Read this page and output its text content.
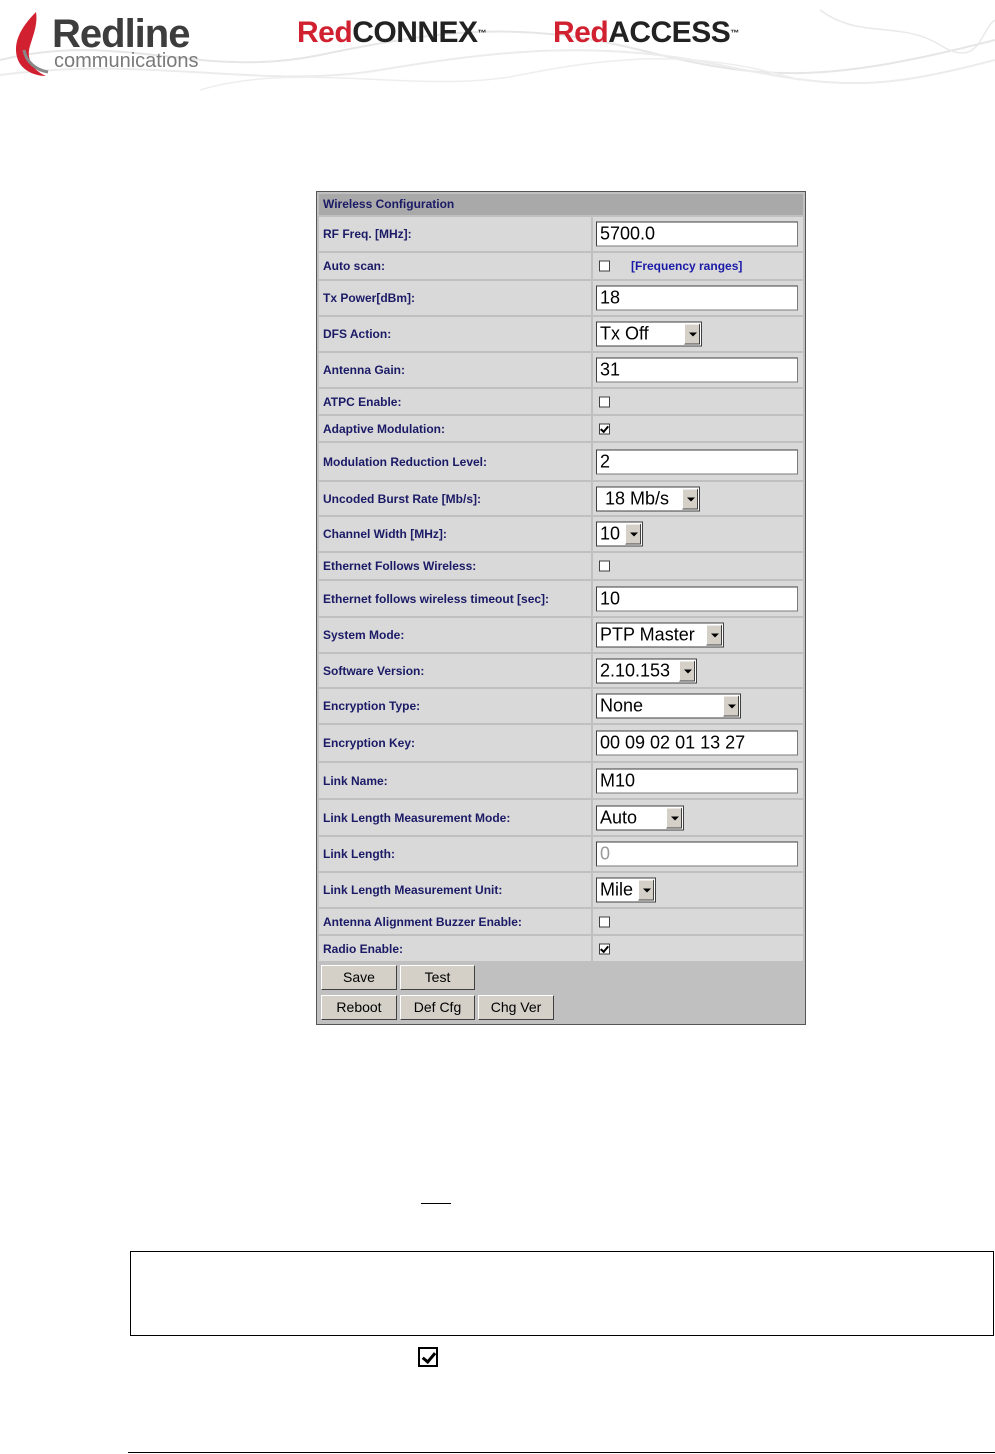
Redline
communications
RedCONNEX™ RedACCESS™
Wireless Configuration
RF Freq. [MHz]:	5700.0
Auto scan:	[Frequency ranges]
Tx Power[dBm]:	18
DFS Action:	Tx Off
Antenna Gain:	31
ATPC Enable:
Adaptive Modulation:
Modulation Reduction Level:	2
Uncoded Burst Rate [Mb/s]:	18 Mb/s
Channel Width [MHz]:	10
Ethernet Follows Wireless:
Ethernet follows wireless timeout [sec]:	10
System Mode:	PTP Master
Software Version:	2.10.153
Encryption Type:	None
Encryption Key:	00 09 02 01 13 27
Link Name:	M10
Link Length Measurement Mode:	Auto
Link Length:	0
Link Length Measurement Unit:	Mile
Antenna Alignment Buzzer Enable:
Radio Enable:
Save	Test
Reboot	Def Cfg	Chg Ver
